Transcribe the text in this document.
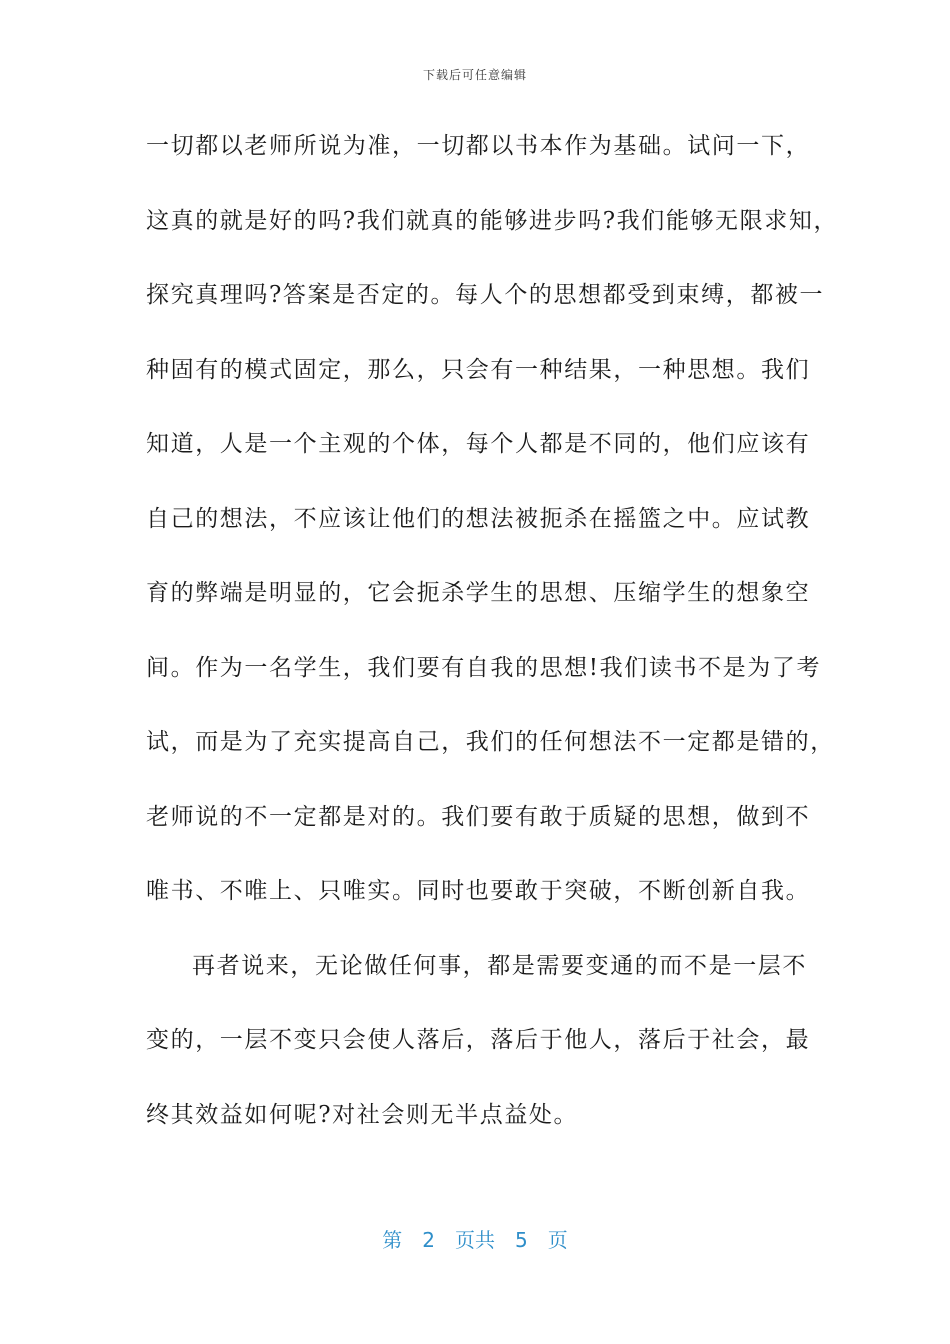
下载后可任意编辑
一切都以老师所说为准，一切都以书本作为基础。试问一下，
这真的就是好的吗?我们就真的能够进步吗?我们能够无限求知，
探究真理吗?答案是否定的。每人个的思想都受到束缚，都被一
种固有的模式固定，那么，只会有一种结果，一种思想。我们
知道，人是一个主观的个体，每个人都是不同的，他们应该有
自己的想法，不应该让他们的想法被扼杀在摇篮之中。应试教
育的弊端是明显的，它会扼杀学生的思想、压缩学生的想象空
间。作为一名学生，我们要有自我的思想!我们读书不是为了考
试，而是为了充实提高自己，我们的任何想法不一定都是错的，
老师说的不一定都是对的。我们要有敢于质疑的思想，做到不
唯书、不唯上、只唯实。同时也要敢于突破，不断创新自我。
再者说来，无论做任何事，都是需要变通的而不是一层不
变的，一层不变只会使人落后，落后于他人，落后于社会，最
终其效益如何呢?对社会则无半点益处。
第 2 页共 5 页
